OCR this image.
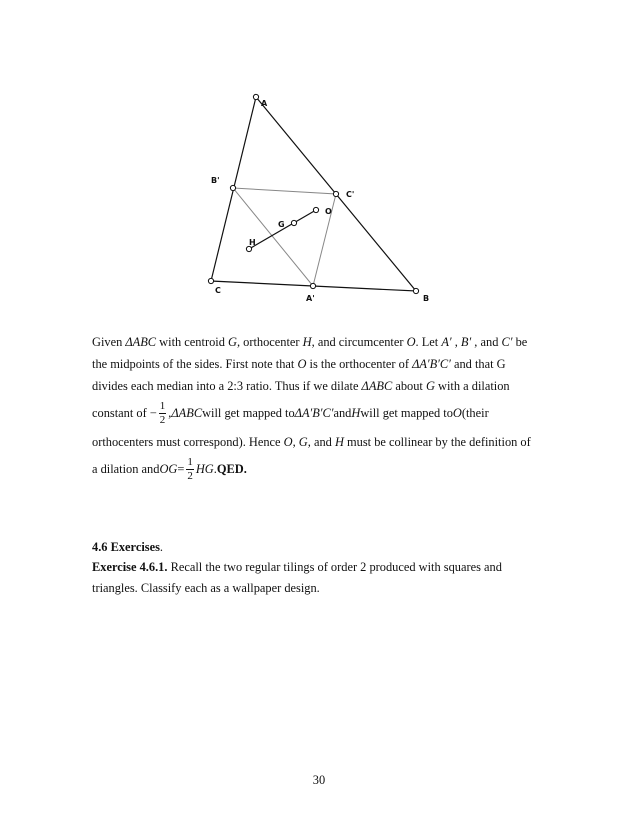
A
B
C
A'
B'
C'
G
H
O
Given ΔABC with centroid G, orthocenter H, and circumcenter O. Let A′ , B′ , and C′ be
the midpoints of the sides. First note that O is the orthocenter of ΔA′B′C′ and that G
divides each median into a 2:3 ratio. Thus if we dilate ΔABC about G with a dilation
constant of − $\frac{1}{2}$ , ΔABC will get mapped to ΔA′B′C′ and H will get mapped to O (their
orthocenters must correspond). Hence O, G, and H must be collinear by the definition of
a dilation and OG = $\frac{1}{2}$ HG . QED.
4.6 Exercises.
Exercise 4.6.1. Recall the two regular tilings of order 2 produced with squares and
triangles. Classify each as a wallpaper design.
30
